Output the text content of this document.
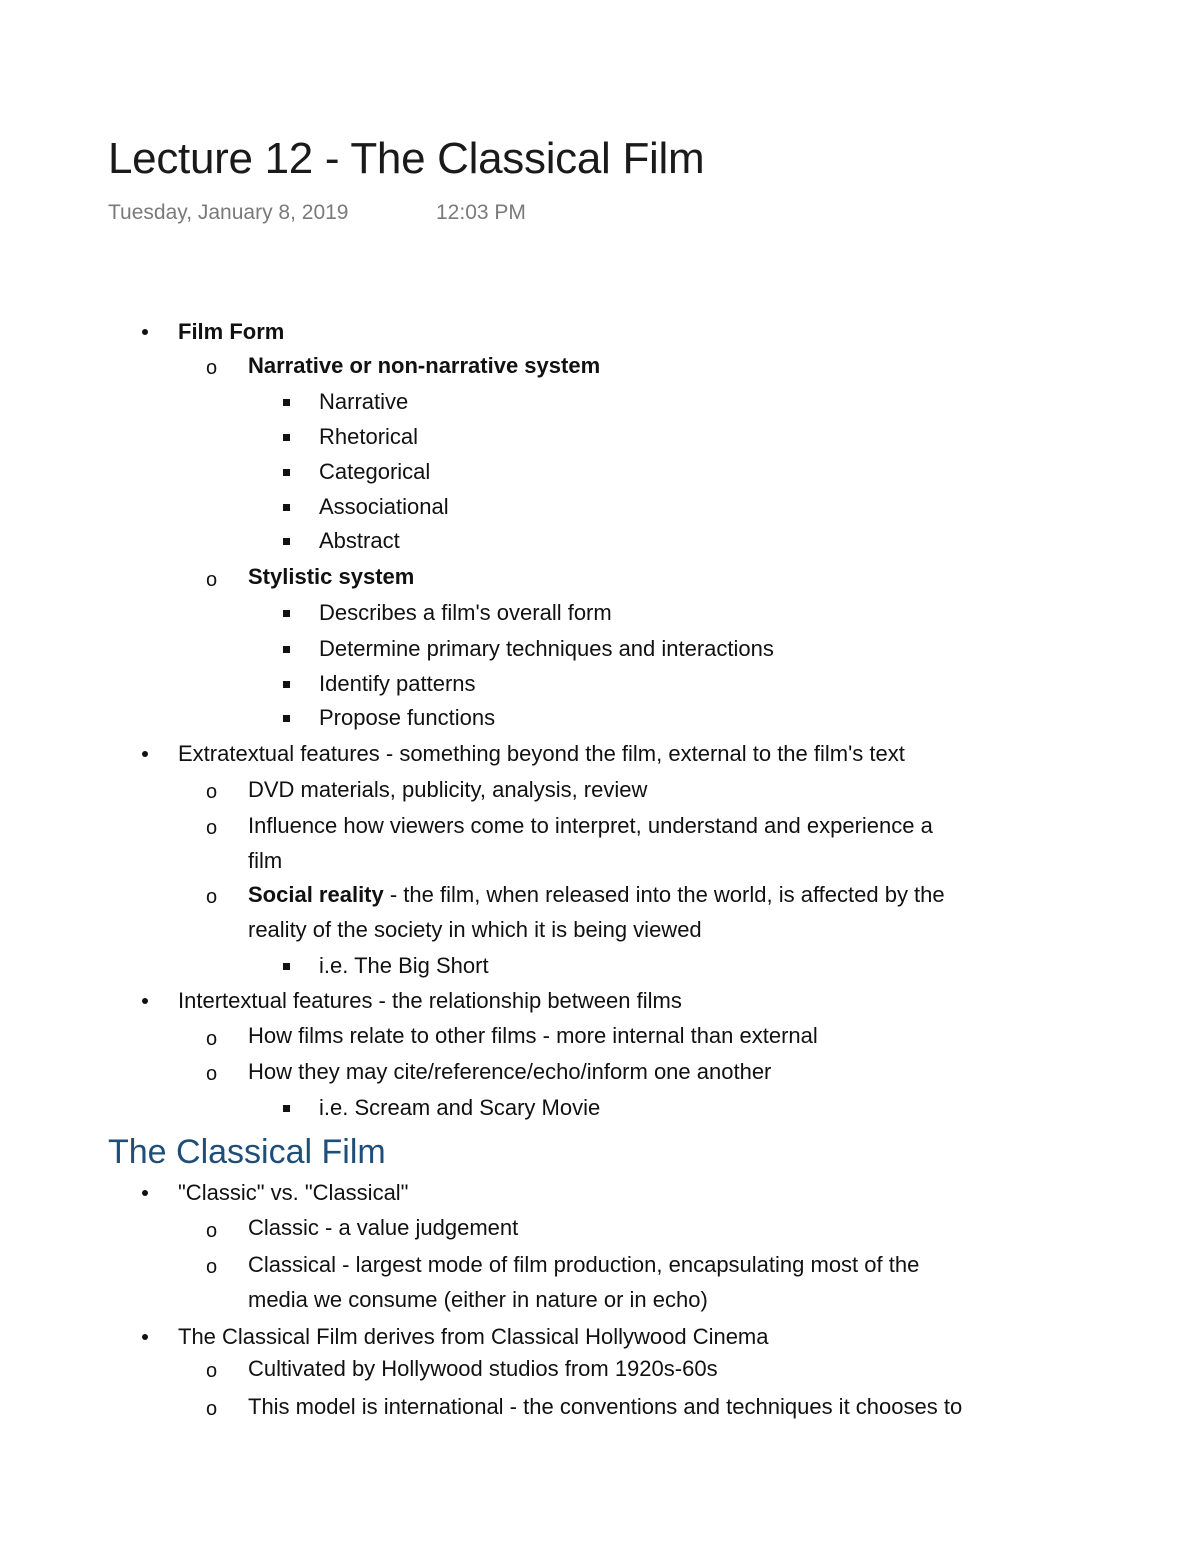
Lecture 12 - The Classical Film
Tuesday, January 8, 2019	12:03 PM
Film Form
o Narrative or non-narrative system
Narrative
Rhetorical
Categorical
Associational
Abstract
o Stylistic system
Describes a film's overall form
Determine primary techniques and interactions
Identify patterns
Propose functions
Extratextual features - something beyond the film, external to the film's text
o DVD materials, publicity, analysis, review
o Influence how viewers come to interpret, understand and experience a
film
o Social reality - the film, when released into the world, is affected by the
reality of the society in which it is being viewed
i.e. The Big Short
Intertextual features - the relationship between films
o How films relate to other films - more internal than external
o How they may cite/reference/echo/inform one another
i.e. Scream and Scary Movie
The Classical Film
"Classic" vs. "Classical"
o Classic - a value judgement
o Classical - largest mode of film production, encapsulating most of the
media we consume (either in nature or in echo)
The Classical Film derives from Classical Hollywood Cinema
o Cultivated by Hollywood studios from 1920s-60s
o This model is international - the conventions and techniques it chooses to
